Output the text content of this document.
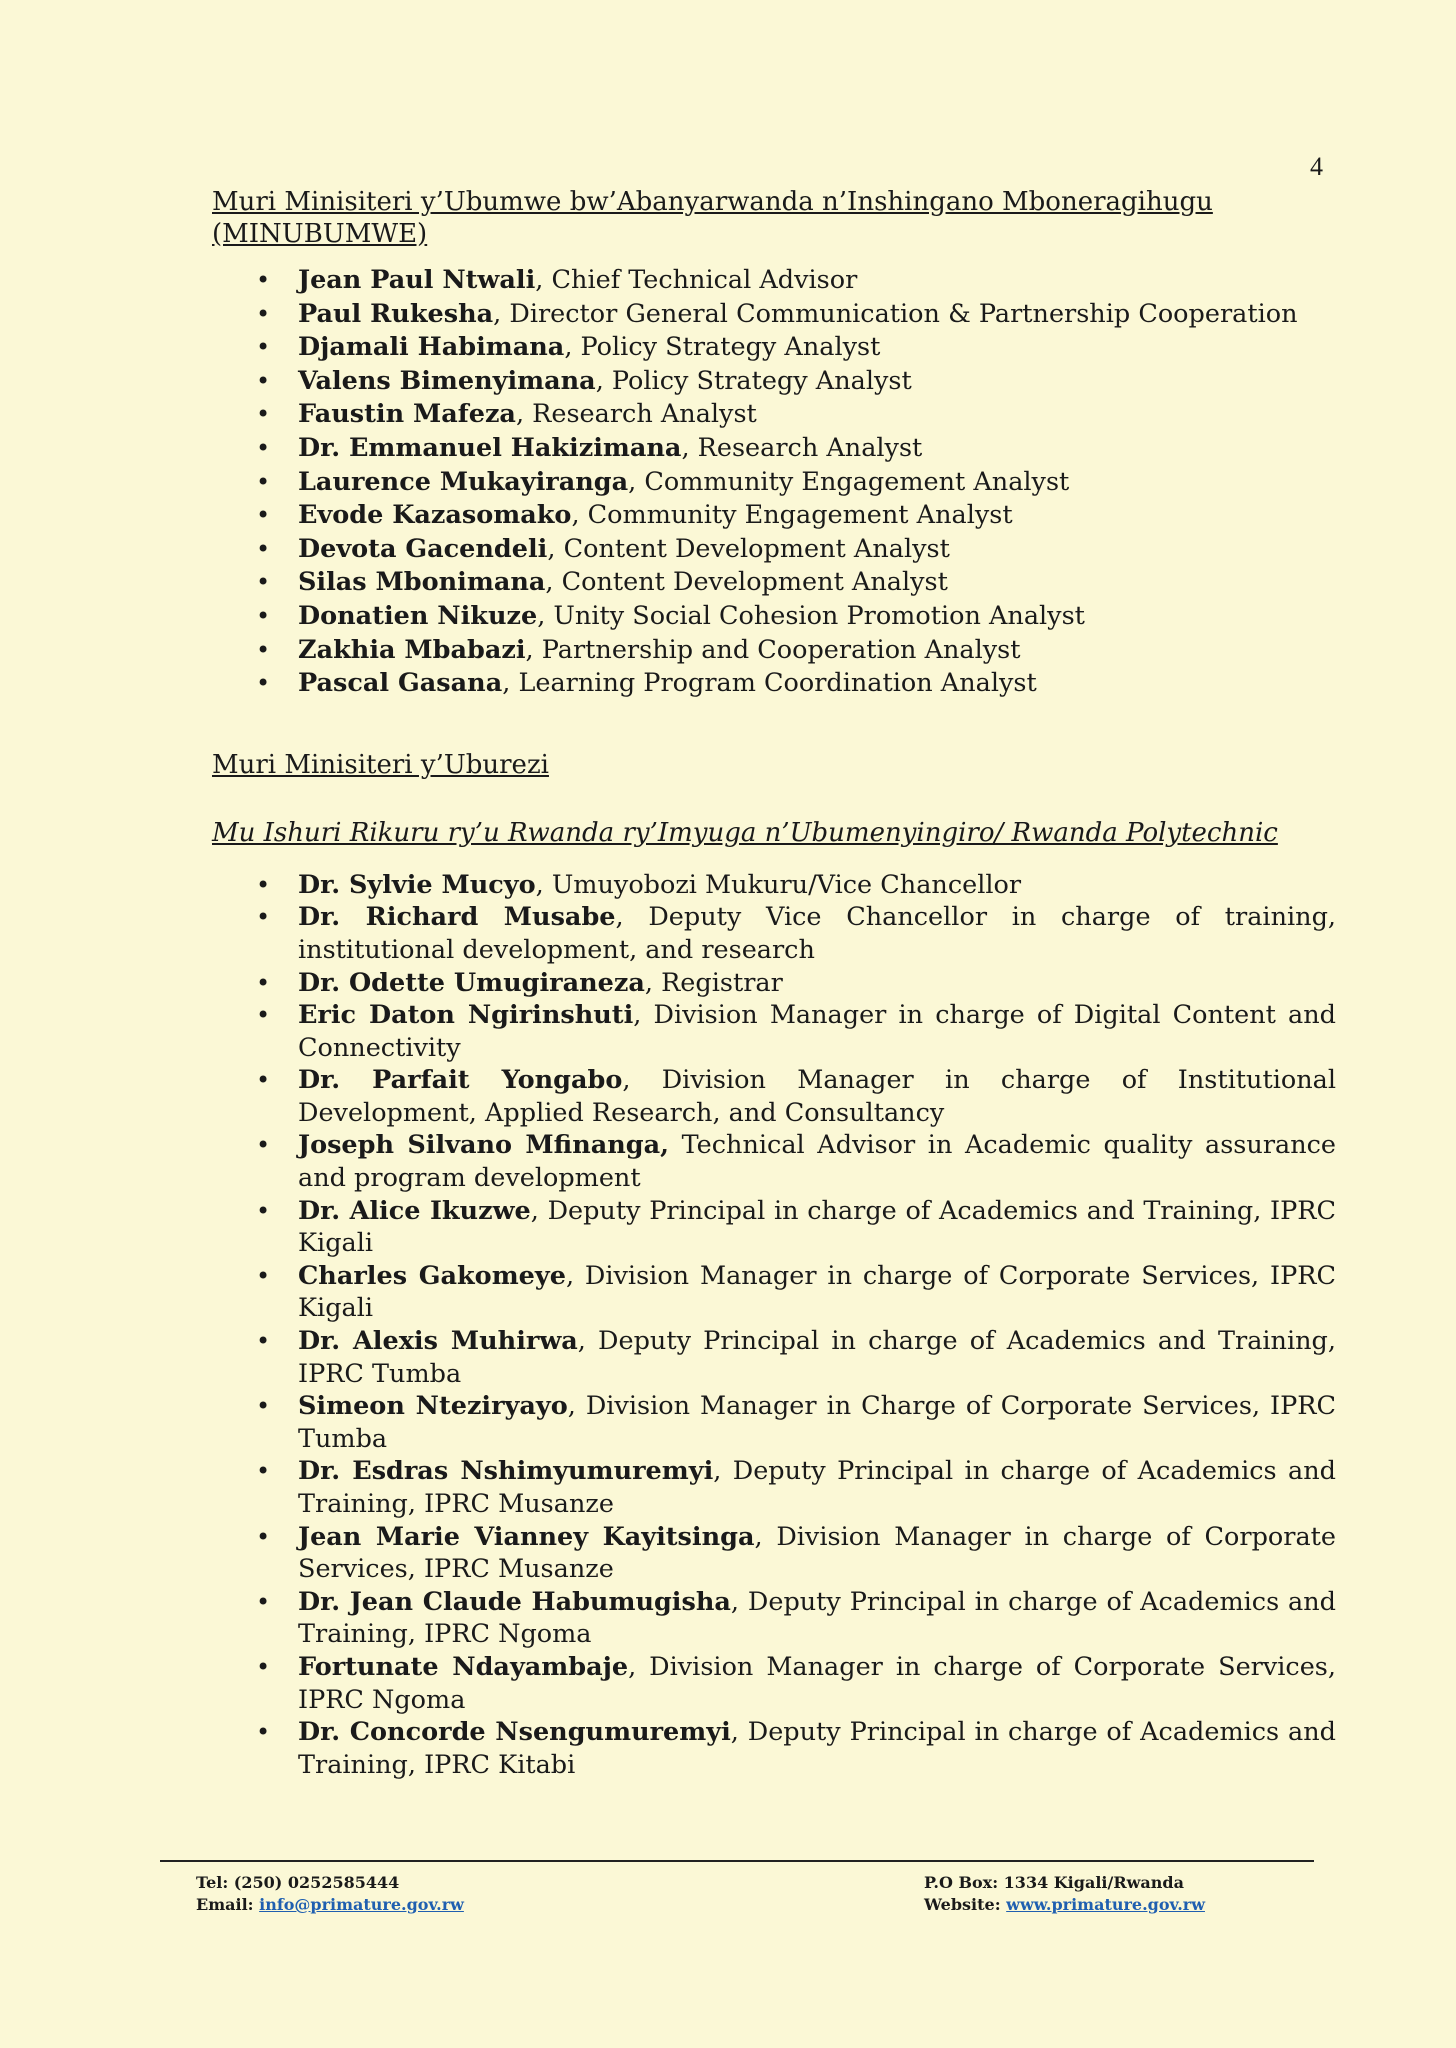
4

Muri Minisiteri y’Ubumwe bw’Abanyarwanda n’Inshingano Mboneragihugu (MINUBUMWE)

• Jean Paul Ntwali, Chief Technical Advisor
• Paul Rukesha, Director General Communication & Partnership Cooperation
• Djamali Habimana, Policy Strategy Analyst
• Valens Bimenyimana, Policy Strategy Analyst
• Faustin Mafeza, Research Analyst
• Dr. Emmanuel Hakizimana, Research Analyst
• Laurence Mukayiranga, Community Engagement Analyst
• Evode Kazasomako, Community Engagement Analyst
• Devota Gacendeli, Content Development Analyst
• Silas Mbonimana, Content Development Analyst
• Donatien Nikuze, Unity Social Cohesion Promotion Analyst
• Zakhia Mbabazi, Partnership and Cooperation Analyst
• Pascal Gasana, Learning Program Coordination Analyst

Muri Minisiteri y’Uburezi

Mu Ishuri Rikuru ry’u Rwanda ry’Imyuga n’Ubumenyingiro/ Rwanda Polytechnic

• Dr. Sylvie Mucyo, Umuyobozi Mukuru/Vice Chancellor
• Dr. Richard Musabe, Deputy Vice Chancellor in charge of training, institutional development, and research
• Dr. Odette Umugiraneza, Registrar
• Eric Daton Ngirinshuti, Division Manager in charge of Digital Content and Connectivity
• Dr. Parfait Yongabo, Division Manager in charge of Institutional Development, Applied Research, and Consultancy
• Joseph Silvano Mfinanga, Technical Advisor in Academic quality assurance and program development
• Dr. Alice Ikuzwe, Deputy Principal in charge of Academics and Training, IPRC Kigali
• Charles Gakomeye, Division Manager in charge of Corporate Services, IPRC Kigali
• Dr. Alexis Muhirwa, Deputy Principal in charge of Academics and Training, IPRC Tumba
• Simeon Nteziryayo, Division Manager in Charge of Corporate Services, IPRC Tumba
• Dr. Esdras Nshimyumuremyi, Deputy Principal in charge of Academics and Training, IPRC Musanze
• Jean Marie Vianney Kayitsinga, Division Manager in charge of Corporate Services, IPRC Musanze
• Dr. Jean Claude Habumugisha, Deputy Principal in charge of Academics and Training, IPRC Ngoma
• Fortunate Ndayambaje, Division Manager in charge of Corporate Services, IPRC Ngoma
• Dr. Concorde Nsengumuremyi, Deputy Principal in charge of Academics and Training, IPRC Kitabi
Tel: (250) 0252585444
Email: info@primature.gov.rw
P.O Box: 1334 Kigali/Rwanda
Website: www.primature.gov.rw
